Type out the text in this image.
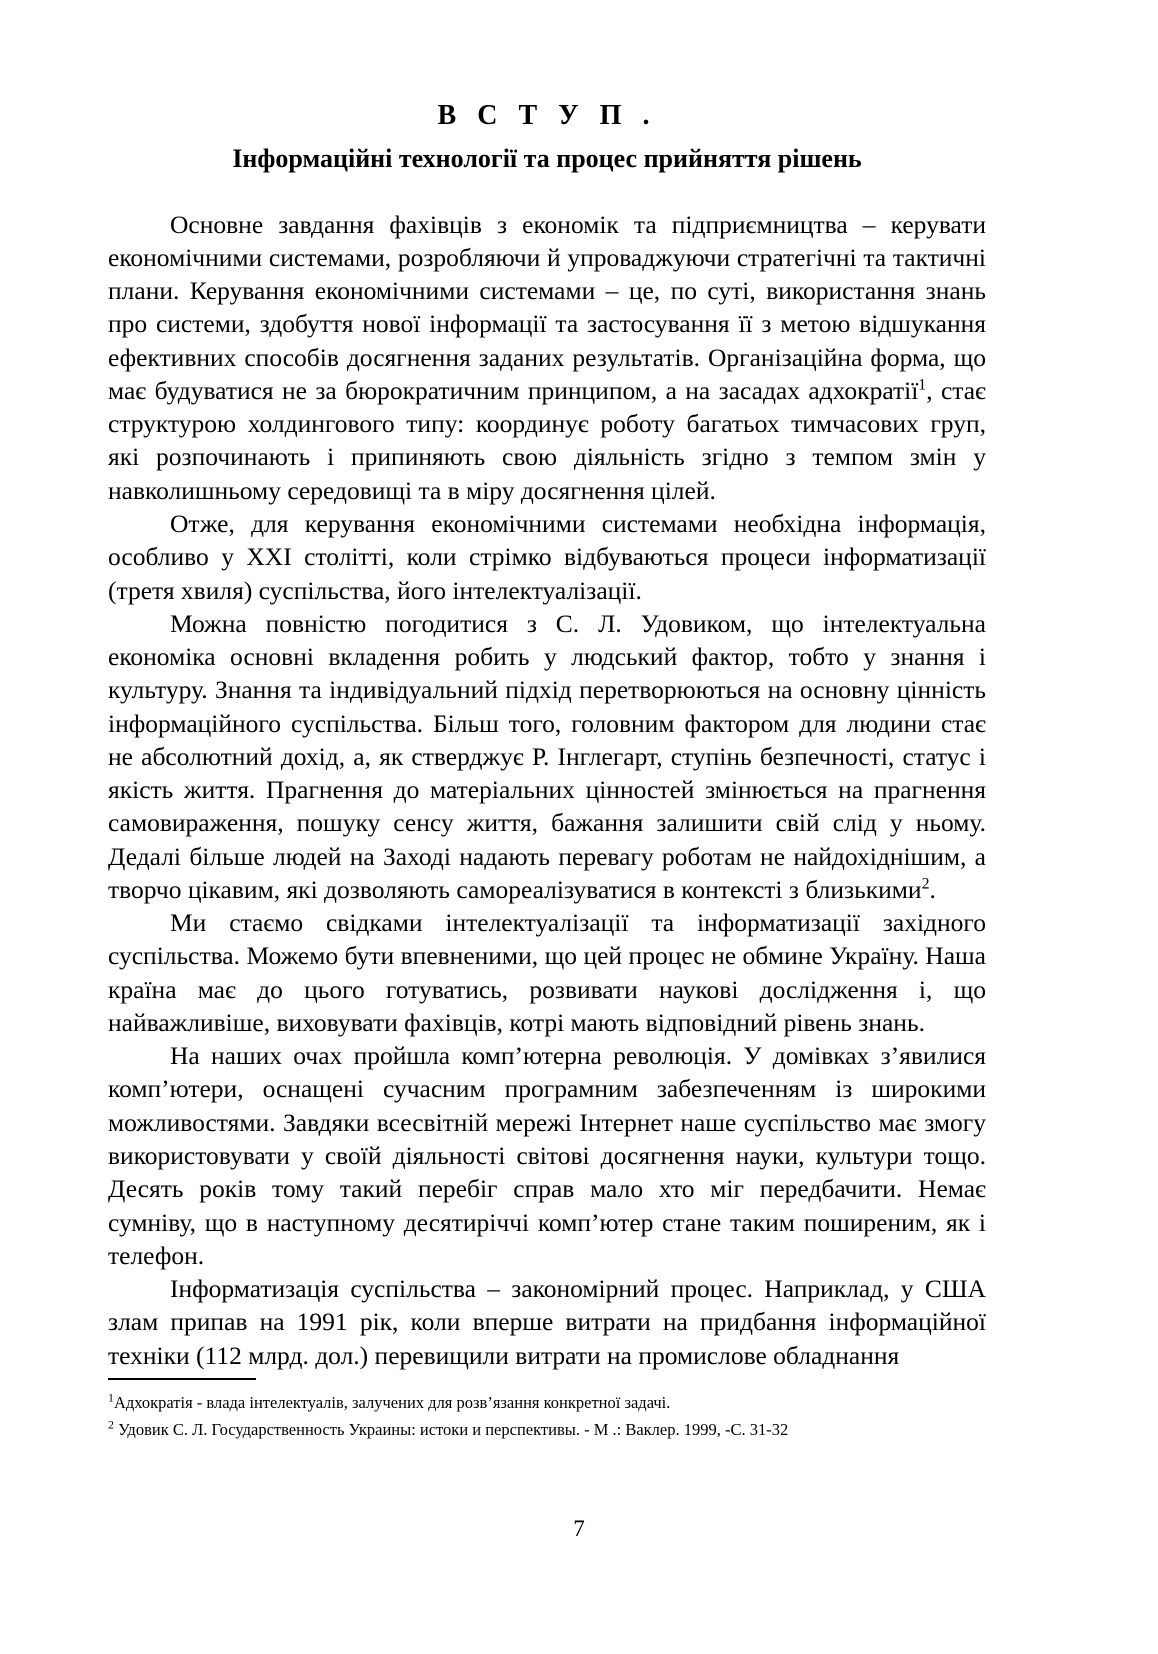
В С Т У П .
Інформаційні технології та процес прийняття рішень

Основне завдання фахівців з економік та підприємництва – керувати економічними системами, розробляючи й упроваджуючи стратегічні та тактичні плани. Керування економічними системами – це, по суті, використання знань про системи, здобуття нової інформації та застосування її з метою відшукання ефективних способів досягнення заданих результатів. Організаційна форма, що має будуватися не за бюрократичним принципом, а на засадах адхократії$^1$, стає структурою холдингового типу: координує роботу багатьох тимчасових груп, які розпочинають і припиняють свою діяльність згідно з темпом змін у навколишньому середовищі та в міру досягнення цілей.

Отже, для керування економічними системами необхідна інформація, особливо у XXI столітті, коли стрімко відбуваються процеси інформатизації (третя хвиля) суспільства, його інтелектуалізації.

Можна повністю погодитися з С. Л. Удовиком, що інтелектуальна економіка основні вкладення робить у людський фактор, тобто у знання і культуру. Знання та індивідуальний підхід перетворюються на основну цінність інформаційного суспільства. Більш того, головним фактором для людини стає не абсолютний дохід, а, як стверджує Р. Інглегарт, ступінь безпечності, статус і якість життя. Прагнення до матеріальних цінностей змінюється на прагнення самовираження, пошуку сенсу життя, бажання залишити свій слід у ньому. Дедалі більше людей на Заході надають перевагу роботам не найдохіднішим, а творчо цікавим, які дозволяють самореалізуватися в контексті з близькими$^2$.

Ми стаємо свідками інтелектуалізації та інформатизації західного суспільства. Можемо бути впевненими, що цей процес не обмине Україну. Наша країна має до цього готуватись, розвивати наукові дослідження і, що найважливіше, виховувати фахівців, котрі мають відповідний рівень знань.

На наших очах пройшла комп’ютерна революція. У домівках з’явилися комп’ютери, оснащені сучасним програмним забезпеченням із широкими можливостями. Завдяки всесвітній мережі Інтернет наше суспільство має змогу використовувати у своїй діяльності світові досягнення науки, культури тощо. Десять років тому такий перебіг справ мало хто міг передбачити. Немає сумніву, що в наступному десятиріччі комп’ютер стане таким поширеним, як і телефон.

Інформатизація суспільства – закономірний процес. Наприклад, у США злам припав на 1991 рік, коли вперше витрати на придбання інформаційної техніки (112 млрд. дол.) перевищили витрати на промислове обладнання

$^1$Адхократія - влада інтелектуалів, залучених для розв’язання конкретної задачі.

$^2$ Удовик С. Л. Государственность Украины: истоки и перспективы. - М .: Ваклер. 1999, -С. 31-32

7
